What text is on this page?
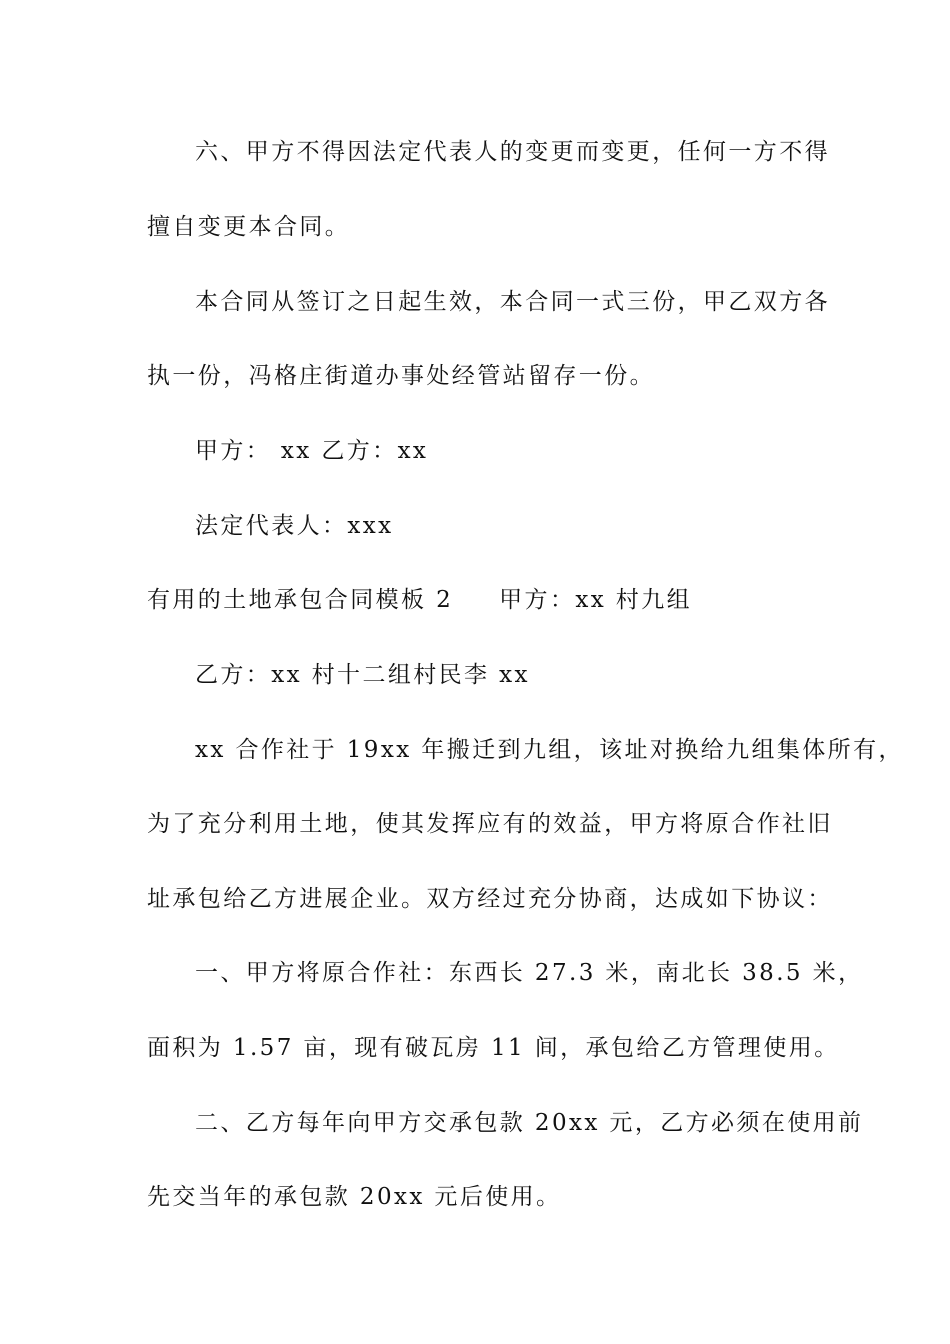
六、甲方不得因法定代表人的变更而变更，任何一方不得
擅自变更本合同。
本合同从签订之日起生效，本合同一式三份，甲乙双方各
执一份，冯格庄街道办事处经管站留存一份。
甲方： xx 乙方：xx
法定代表人：xxx
有用的土地承包合同模板 2 甲方：xx 村九组
乙方：xx 村十二组村民李 xx
xx 合作社于 19xx 年搬迁到九组，该址对换给九组集体所有，
为了充分利用土地，使其发挥应有的效益，甲方将原合作社旧
址承包给乙方进展企业。双方经过充分协商，达成如下协议：
一、甲方将原合作社：东西长 27.3 米，南北长 38.5 米，
面积为 1.57 亩，现有破瓦房 11 间，承包给乙方管理使用。
二、乙方每年向甲方交承包款 20xx 元，乙方必须在使用前
先交当年的承包款 20xx 元后使用。
